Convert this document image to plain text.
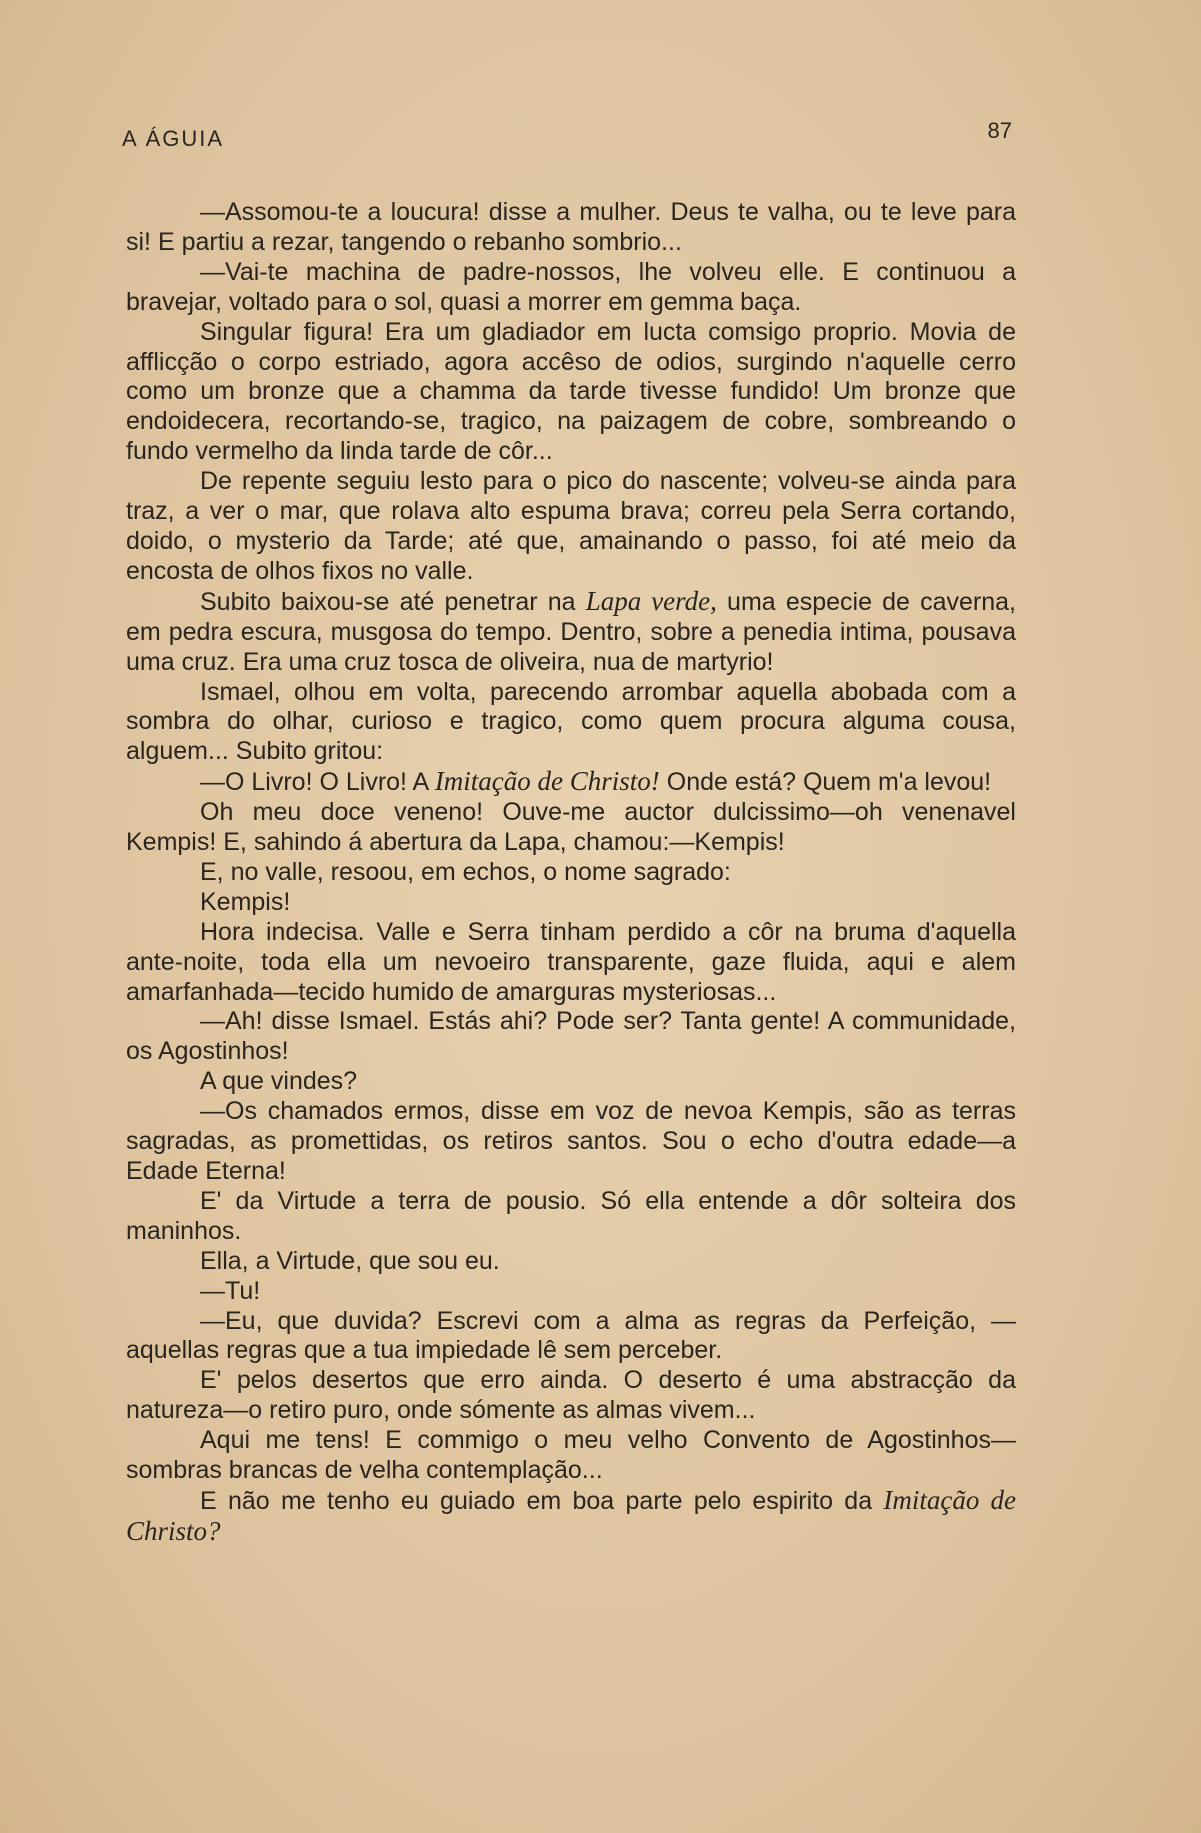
A ÁGUIA	87

—Assomou-te a loucura! disse a mulher. Deus te valha, ou te leve para si! E partiu a rezar, tangendo o rebanho sombrio...

—Vai-te machina de padre-nossos, lhe volveu elle. E continuou a bravejar, voltado para o sol, quasi a morrer em gemma baça.

Singular figura! Era um gladiador em lucta comsigo proprio. Movia de afflicção o corpo estriado, agora accêso de odios, surgindo n'aquelle cerro como um bronze que a chamma da tarde tivesse fundido! Um bronze que endoidecera, recortando-se, tragico, na paizagem de cobre, sombreando o fundo vermelho da linda tarde de côr...

De repente seguiu lesto para o pico do nascente; volveu-se ainda para traz, a ver o mar, que rolava alto espuma brava; correu pela Serra cortando, doido, o mysterio da Tarde; até que, amainando o passo, foi até meio da encosta de olhos fixos no valle.

Subito baixou-se até penetrar na Lapa verde, uma especie de caverna, em pedra escura, musgosa do tempo. Dentro, sobre a penedia intima, pousava uma cruz. Era uma cruz tosca de oliveira, nua de martyrio!

Ismael, olhou em volta, parecendo arrombar aquella abobada com a sombra do olhar, curioso e tragico, como quem procura alguma cousa, alguem... Subito gritou:

—O Livro! O Livro! A Imitação de Christo! Onde está? Quem m'a levou!

Oh meu doce veneno! Ouve-me auctor dulcissimo—oh venenavel Kempis! E, sahindo á abertura da Lapa, chamou:—Kempis!

E, no valle, resoou, em echos, o nome sagrado:

Kempis!

Hora indecisa. Valle e Serra tinham perdido a côr na bruma d'aquella ante-noite, toda ella um nevoeiro transparente, gaze fluida, aqui e alem amarfanhada—tecido humido de amarguras mysteriosas...

—Ah! disse Ismael. Estás ahi? Pode ser? Tanta gente! A communidade, os Agostinhos!

A que vindes?

—Os chamados ermos, disse em voz de nevoa Kempis, são as terras sagradas, as promettidas, os retiros santos. Sou o echo d'outra edade—a Edade Eterna!

E' da Virtude a terra de pousio. Só ella entende a dôr solteira dos maninhos.

Ella, a Virtude, que sou eu.

—Tu!

—Eu, que duvida? Escrevi com a alma as regras da Perfeição, —aquellas regras que a tua impiedade lê sem perceber.

E' pelos desertos que erro ainda. O deserto é uma abstracção da natureza—o retiro puro, onde sómente as almas vivem...

Aqui me tens! E commigo o meu velho Convento de Agostinhos—sombras brancas de velha contemplação...

E não me tenho eu guiado em boa parte pelo espirito da Imitação de Christo?
